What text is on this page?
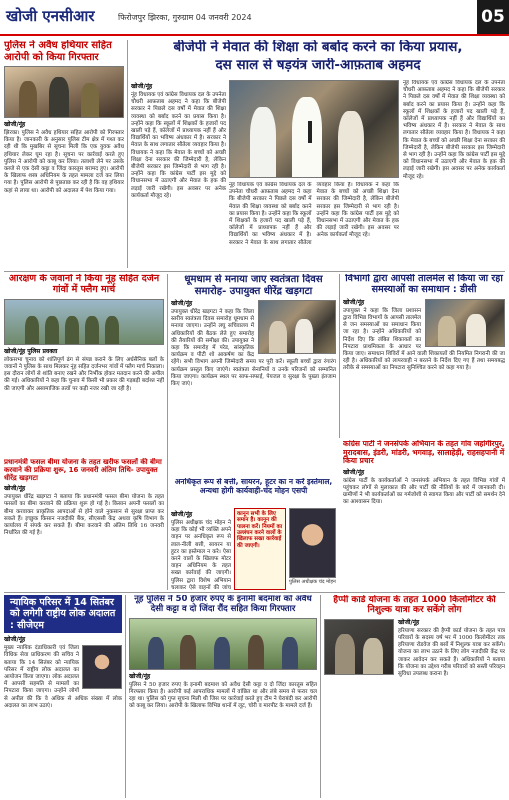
खोजी एनसीआर	फिरोजपुर झिरका, गुरुग्राम 04 जनवरी 2024	05
पुलिस ने अवैध हथियार सहित आरोपी को किया गिरफ्तार
खोजी/नूंह
झिरका। पुलिस ने अवैध हथियार सहित आरोपी को गिरफ्तार किया है। जानकारी के अनुसार पुलिस टीम क्षेत्र में गश्त कर रही थी कि मुखबिर से सूचना मिली कि एक युवक अवैध हथियार लेकर घूम रहा है। सूचना पर कार्रवाई करते हुए पुलिस ने आरोपी को काबू कर लिया। तलाशी लेने पर उसके कब्जे से एक देसी कट्टा व जिंदा कारतूस बरामद हुए। आरोपी के खिलाफ शस्त्र अधिनियम के तहत मामला दर्ज कर लिया गया है। पुलिस आरोपी से पूछताछ कर रही है कि वह हथियार कहां से लाया था। आरोपी को अदालत में पेश किया गया।
बीजेपी ने मेवात की शिक्षा को बर्बाद करने का किया प्रयास,
दस साल से षड़यंत्र जारी-आफ़ताब अहमद
खोजी/नूंह
नूंह विधायक एवं कांग्रेस विधायक दल के उपनेता चौधरी आफ़ताब अहमद ने कहा कि बीजेपी सरकार ने पिछले दस वर्षों में मेवात की शिक्षा व्यवस्था को बर्बाद करने का प्रयास किया है। उन्होंने कहा कि स्कूलों में शिक्षकों के हजारों पद खाली पड़े हैं, कॉलेजों में प्राध्यापक नहीं हैं और विद्यार्थियों का भविष्य अंधकार में है। सरकार ने मेवात के साथ लगातार सौतेला व्यवहार किया है। विधायक ने कहा कि मेवात के बच्चों को अच्छी शिक्षा देना सरकार की जिम्मेदारी है, लेकिन बीजेपी सरकार इस जिम्मेदारी से भाग रही है। उन्होंने कहा कि कांग्रेस पार्टी इस मुद्दे को विधानसभा में उठाएगी और मेवात के हक की लड़ाई जारी रखेगी। इस अवसर पर अनेक कार्यकर्ता मौजूद रहे।
नूंह विधायक एवं कांग्रेस विधायक दल के उपनेता चौधरी आफ़ताब अहमद ने कहा कि बीजेपी सरकार ने पिछले दस वर्षों में मेवात की शिक्षा व्यवस्था को बर्बाद करने का प्रयास किया है। उन्होंने कहा कि स्कूलों में शिक्षकों के हजारों पद खाली पड़े हैं, कॉलेजों में प्राध्यापक नहीं हैं और विद्यार्थियों का भविष्य अंधकार में है। सरकार ने मेवात के साथ लगातार सौतेला व्यवहार किया है। विधायक ने कहा कि मेवात के बच्चों को अच्छी शिक्षा देना सरकार की जिम्मेदारी है, लेकिन बीजेपी सरकार इस जिम्मेदारी से भाग रही है। उन्होंने कहा कि कांग्रेस पार्टी इस मुद्दे को विधानसभा में उठाएगी और मेवात के हक की लड़ाई जारी रखेगी। इस अवसर पर अनेक कार्यकर्ता मौजूद रहे।
नूंह विधायक एवं कांग्रेस विधायक दल के उपनेता चौधरी आफ़ताब अहमद ने कहा कि बीजेपी सरकार ने पिछले दस वर्षों में मेवात की शिक्षा व्यवस्था को बर्बाद करने का प्रयास किया है। उन्होंने कहा कि स्कूलों में शिक्षकों के हजारों पद खाली पड़े हैं, कॉलेजों में प्राध्यापक नहीं हैं और विद्यार्थियों का भविष्य अंधकार में है। सरकार ने मेवात के साथ लगातार सौतेला व्यवहार किया है। विधायक ने कहा कि मेवात के बच्चों को अच्छी शिक्षा देना सरकार की जिम्मेदारी है, लेकिन बीजेपी सरकार इस जिम्मेदारी से भाग रही है। उन्होंने कहा कि कांग्रेस पार्टी इस मुद्दे को विधानसभा में उठाएगी और मेवात के हक की लड़ाई जारी रखेगी। इस अवसर पर अनेक कार्यकर्ता मौजूद रहे।
आरक्षण के जवानों ने किया नूंह सहित दर्जन गांवों में फ्लैग मार्च
खोजी/नूंह पुलिस प्रवक्ता
लोकसभा चुनाव को शांतिपूर्ण ढंग से संपन्न कराने के लिए अर्धसैनिक बलों के जवानों ने पुलिस के साथ मिलकर नूंह सहित दर्जनभर गांवों में फ्लैग मार्च निकाला। इस दौरान लोगों से शांति बनाए रखने और निर्भीक होकर मतदान करने की अपील की गई। अधिकारियों ने कहा कि चुनाव में किसी भी प्रकार की गड़बड़ी बर्दाश्त नहीं की जाएगी और असामाजिक तत्वों पर कड़ी नजर रखी जा रही है।
प्रधानमंत्री फसल बीमा योजना के तहत खरीफ फसलों की बीमा करवाने की प्रक्रिया शुरू, 16 जनवरी अंतिम तिथि- उपायुक्त धीरेंद्र खड़गटा
खोजी/नूंह
उपायुक्त धीरेंद्र खड़गटा ने बताया कि प्रधानमंत्री फसल बीमा योजना के तहत फसलों का बीमा करवाने की प्रक्रिया शुरू हो गई है। किसान अपनी फसलों का बीमा करवाकर प्राकृतिक आपदाओं से होने वाले नुकसान से सुरक्षा प्राप्त कर सकते हैं। इच्छुक किसान नजदीकी बैंक, सीएससी केंद्र अथवा कृषि विभाग के कार्यालय में संपर्क कर सकते हैं। बीमा करवाने की अंतिम तिथि 16 जनवरी निर्धारित की गई है।
धूमधाम से मनाया जाए स्वतंत्रता दिवस समारोह- उपायुक्त धीरेंद्र खड़गटा
खोजी/नूंह
उपायुक्त धीरेंद्र खड़गटा ने कहा कि जिला स्तरीय स्वतंत्रता दिवस समारोह धूमधाम से मनाया जाएगा। उन्होंने लघु सचिवालय में अधिकारियों की बैठक लेते हुए समारोह की तैयारियों की समीक्षा की। उपायुक्त ने कहा कि समारोह में परेड, सांस्कृतिक कार्यक्रम व पीटी शो आकर्षण का केंद्र रहेंगे। सभी विभाग अपनी जिम्मेदारी समय पर पूरी करें। स्कूली बच्चों द्वारा रंगारंग कार्यक्रम प्रस्तुत किए जाएंगे। स्वतंत्रता सेनानियों व उनके परिजनों को सम्मानित किया जाएगा। कार्यक्रम स्थल पर साफ-सफाई, पेयजल व सुरक्षा के पुख्ता इंतजाम किए जाएं।
विभागों द्वारा आपसी तालमेल से किया जा रहा समस्याओं का समाधान : डीसी
खोजी/नूंह
उपायुक्त ने कहा कि जिला प्रशासन द्वारा विभिन्न विभागों के आपसी तालमेल से जन समस्याओं का समाधान किया जा रहा है। उन्होंने अधिकारियों को निर्देश दिए कि लंबित शिकायतों का निपटारा प्राथमिकता के आधार पर किया जाए। समाधान शिविरों में आने वाली शिकायतों की नियमित निगरानी की जा रही है। अधिकारियों को लापरवाही न बरतने के निर्देश दिए गए हैं तथा समयबद्ध तरीके से समस्याओं का निपटारा सुनिश्चित करने को कहा गया है।
कांग्रेस पार्टी ने जनसंपर्क अभियान के तहत गांव जहांगीरपुर, मुरादबास, इंडरी, मांडरी, भगवाड़, सालाहेड़ी, राहसहपानी में किया प्रचार
खोजी/नूंह
कांग्रेस पार्टी के कार्यकर्ताओं ने जनसंपर्क अभियान के तहत विभिन्न गांवों में पहुंचकर लोगों से मुलाकात की और पार्टी की नीतियों के बारे में जानकारी दी। ग्रामीणों ने भी कार्यकर्ताओं का गर्मजोशी से स्वागत किया और पार्टी को समर्थन देने का आश्वासन दिया।
अनधिकृत रूप से बत्ती, सायरन, हूटर का न करें इस्तेमाल, अन्यथा होगी कार्यवाही-चंद मोहन एसपी
खोजी/नूंह
पुलिस अधीक्षक चंद मोहन ने कहा कि कोई भी व्यक्ति अपने वाहन पर अनधिकृत रूप से लाल-नीली बत्ती, सायरन या हूटर का इस्तेमाल न करे। ऐसा करने वालों के खिलाफ मोटर वाहन अधिनियम के तहत सख्त कार्रवाई की जाएगी। पुलिस द्वारा विशेष अभियान चलाकर ऐसे वाहनों की जांच
कानून सभी के लिए समान है। कानून की पालना करें। नियमों का उल्लंघन करने वालों के खिलाफ सख्त कार्रवाई की जाएगी।
पुलिस अधीक्षक चंद मोहन
न्यायिक परिसर में 14 सितंबर को लगेगी राष्ट्रीय लोक अदालत : सीजेएम
खोजी/नूंह
मुख्य न्यायिक दंडाधिकारी एवं जिला विधिक सेवा प्राधिकरण की सचिव ने बताया कि 14 सितंबर को न्यायिक परिसर में राष्ट्रीय लोक अदालत का आयोजन किया जाएगा। लोक अदालत में आपसी सहमति से मामलों का निपटारा किया जाएगा। उन्होंने लोगों से अपील की कि वे अधिक से अधिक संख्या में लोक अदालत का लाभ उठाएं।
नूंह पुलिस ने 50 हजार रुपए के इनामी बदमाश को अवैध देसी कट्टा व दो जिंदा रौंद सहित किया गिरफ्तार
खोजी/नूंह
पुलिस ने 50 हजार रुपए के इनामी बदमाश को अवैध देसी कट्टा व दो जिंदा कारतूस सहित गिरफ्तार किया है। आरोपी कई आपराधिक मामलों में वांछित था और लंबे समय से फरार चल रहा था। पुलिस को गुप्त सूचना मिली थी जिस पर कार्रवाई करते हुए टीम ने घेराबंदी कर आरोपी को काबू कर लिया। आरोपी के खिलाफ विभिन्न थानों में लूट, चोरी व मारपीट के मामले दर्ज हैं।
हैप्पी कार्ड योजना के तहत 1000 किलोमीटर की निशुल्क यात्रा कर सकेंगे लोग
खोजी/नूंह
हरियाणा सरकार की हैप्पी कार्ड योजना के तहत पात्र परिवारों के सदस्य वर्ष भर में 1000 किलोमीटर तक हरियाणा रोडवेज की बसों में निशुल्क यात्रा कर सकेंगे। योजना का लाभ उठाने के लिए लोग नजदीकी केंद्र पर जाकर आवेदन कर सकते हैं। अधिकारियों ने बताया कि योजना का उद्देश्य गरीब परिवारों को सस्ती परिवहन सुविधा उपलब्ध कराना है।
